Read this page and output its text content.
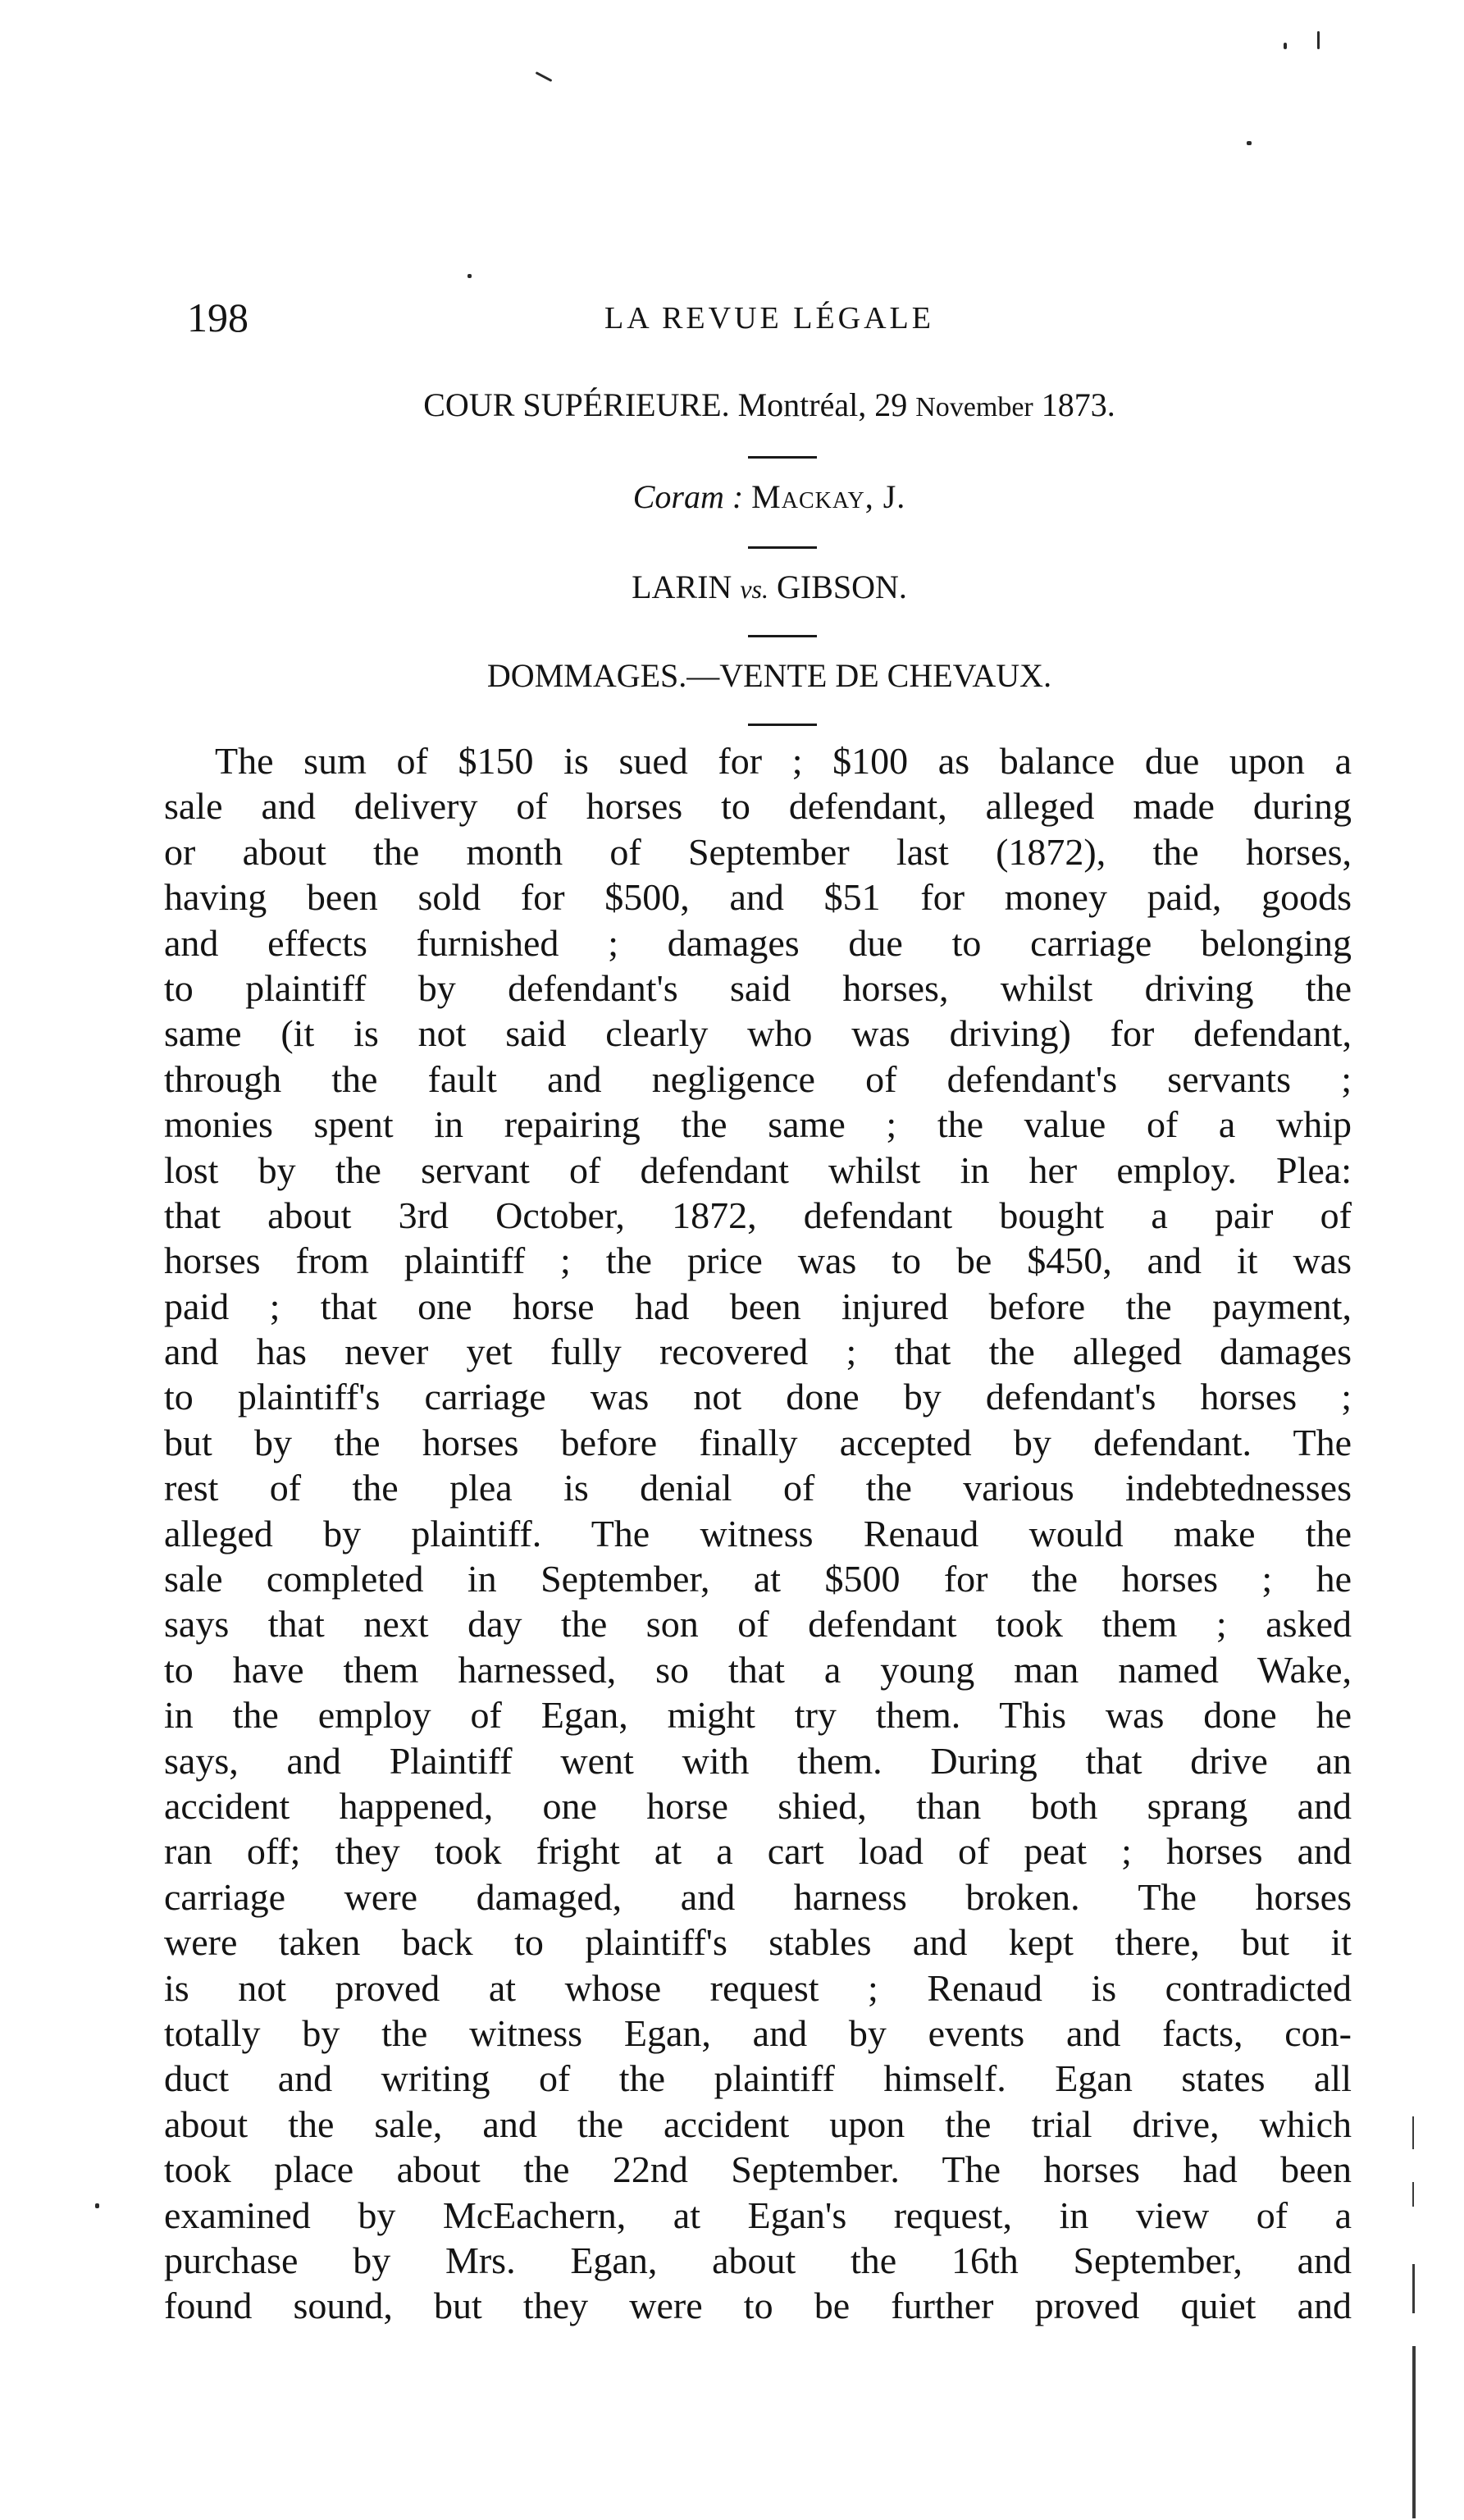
198	LA REVUE LÉGALE
COUR SUPÉRIEURE. Montréal, 29 November 1873.
Coram : Mackay, J.
LARIN vs. GIBSON.
DOMMAGES.—VENTE DE CHEVAUX.
The sum of $150 is sued for ; $100 as balance due upon a
sale and delivery of horses to defendant, alleged made during
or about the month of September last (1872), the horses,
having been sold for $500, and $51 for money paid, goods
and effects furnished ; damages due to carriage belonging
to plaintiff by defendant's said horses, whilst driving the
same (it is not said clearly who was driving) for defendant,
through the fault and negligence of defendant's servants ;
monies spent in repairing the same ; the value of a whip
lost by the servant of defendant whilst in her employ. Plea:
that about 3rd October, 1872, defendant bought a pair of
horses from plaintiff ; the price was to be $450, and it was
paid ; that one horse had been injured before the payment,
and has never yet fully recovered ; that the alleged damages
to plaintiff's carriage was not done by defendant's horses ;
but by the horses before finally accepted by defendant. The
rest of the plea is denial of the various indebtednesses
alleged by plaintiff. The witness Renaud would make the
sale completed in September, at $500 for the horses ; he
says that next day the son of defendant took them ; asked
to have them harnessed, so that a young man named Wake,
in the employ of Egan, might try them. This was done he
says, and Plaintiff went with them. During that drive an
accident happened, one horse shied, than both sprang and
ran off; they took fright at a cart load of peat ; horses and
carriage were damaged, and harness broken. The horses
were taken back to plaintiff's stables and kept there, but it
is not proved at whose request ; Renaud is contradicted
totally by the witness Egan, and by events and facts, con-
duct and writing of the plaintiff himself. Egan states all
about the sale, and the accident upon the trial drive, which
took place about the 22nd September. The horses had been
examined by McEachern, at Egan's request, in view of a
purchase by Mrs. Egan, about the 16th September, and
found sound, but they were to be further proved quiet and
